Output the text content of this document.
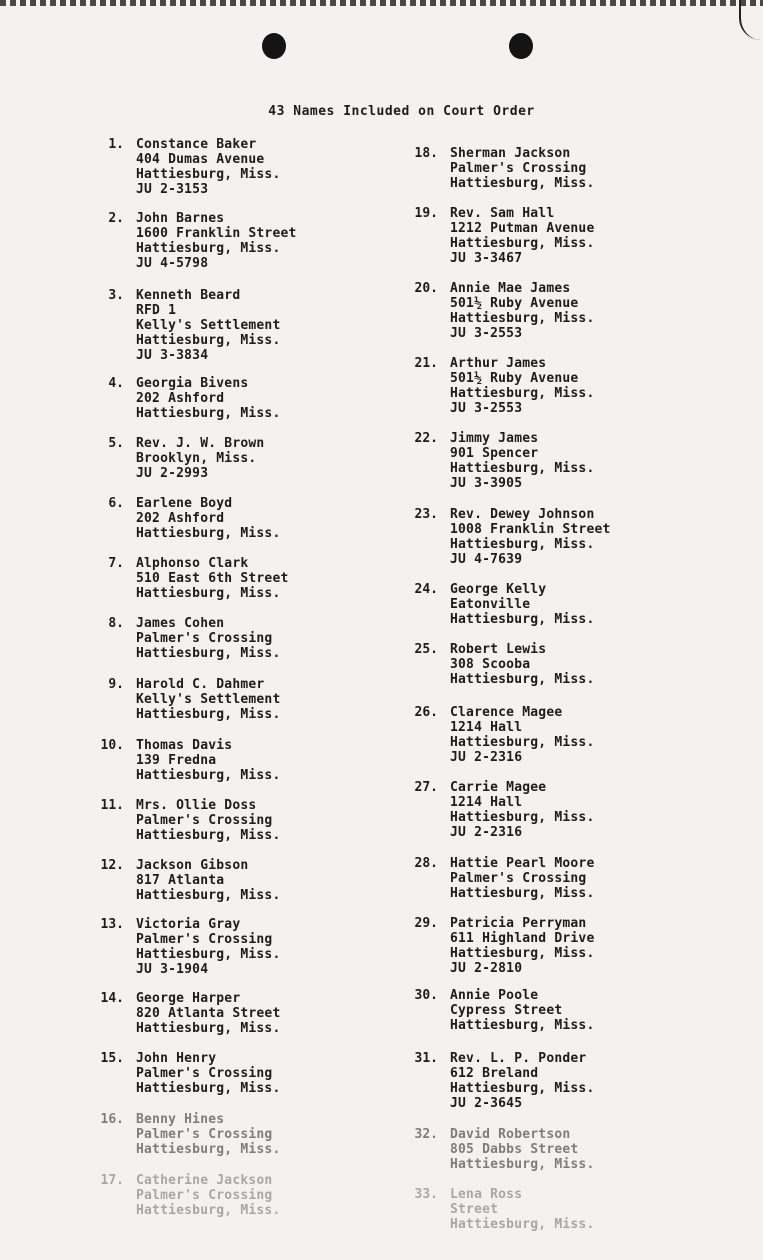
43 Names Included on Court Order
1. Constance Baker
404 Dumas Avenue
Hattiesburg, Miss.
JU 2-3153
2. John Barnes
1600 Franklin Street
Hattiesburg, Miss.
JU 4-5798
3. Kenneth Beard
RFD 1
Kelly's Settlement
Hattiesburg, Miss.
JU 3-3834
4. Georgia Bivens
202 Ashford
Hattiesburg, Miss.
5. Rev. J. W. Brown
Brooklyn, Miss.
JU 2-2993
6. Earlene Boyd
202 Ashford
Hattiesburg, Miss.
7. Alphonso Clark
510 East 6th Street
Hattiesburg, Miss.
8. James Cohen
Palmer's Crossing
Hattiesburg, Miss.
9. Harold C. Dahmer
Kelly's Settlement
Hattiesburg, Miss.
10. Thomas Davis
139 Fredna
Hattiesburg, Miss.
11. Mrs. Ollie Doss
Palmer's Crossing
Hattiesburg, Miss.
12. Jackson Gibson
817 Atlanta
Hattiesburg, Miss.
13. Victoria Gray
Palmer's Crossing
Hattiesburg, Miss.
JU 3-1904
14. George Harper
820 Atlanta Street
Hattiesburg, Miss.
15. John Henry
Palmer's Crossing
Hattiesburg, Miss.
16. Benny Hines
Palmer's Crossing
Hattiesburg, Miss.
17. Catherine Jackson
Palmer's Crossing
Hattiesburg, Miss.
18. Sherman Jackson
Palmer's Crossing
Hattiesburg, Miss.
19. Rev. Sam Hall
1212 Putman Avenue
Hattiesburg, Miss.
JU 3-3467
20. Annie Mae James
501½ Ruby Avenue
Hattiesburg, Miss.
JU 3-2553
21. Arthur James
501½ Ruby Avenue
Hattiesburg, Miss.
JU 3-2553
22. Jimmy James
901 Spencer
Hattiesburg, Miss.
JU 3-3905
23. Rev. Dewey Johnson
1008 Franklin Street
Hattiesburg, Miss.
JU 4-7639
24. George Kelly
Eatonville
Hattiesburg, Miss.
25. Robert Lewis
308 Scooba
Hattiesburg, Miss.
26. Clarence Magee
1214 Hall
Hattiesburg, Miss.
JU 2-2316
27. Carrie Magee
1214 Hall
Hattiesburg, Miss.
JU 2-2316
28. Hattie Pearl Moore
Palmer's Crossing
Hattiesburg, Miss.
29. Patricia Perryman
611 Highland Drive
Hattiesburg, Miss.
JU 2-2810
30. Annie Poole
Cypress Street
Hattiesburg, Miss.
31. Rev. L. P. Ponder
612 Breland
Hattiesburg, Miss.
JU 2-3645
32. David Robertson
805 Dabbs Street
Hattiesburg, Miss.
33. Lena Ross
Street
Hattiesburg, Miss.
